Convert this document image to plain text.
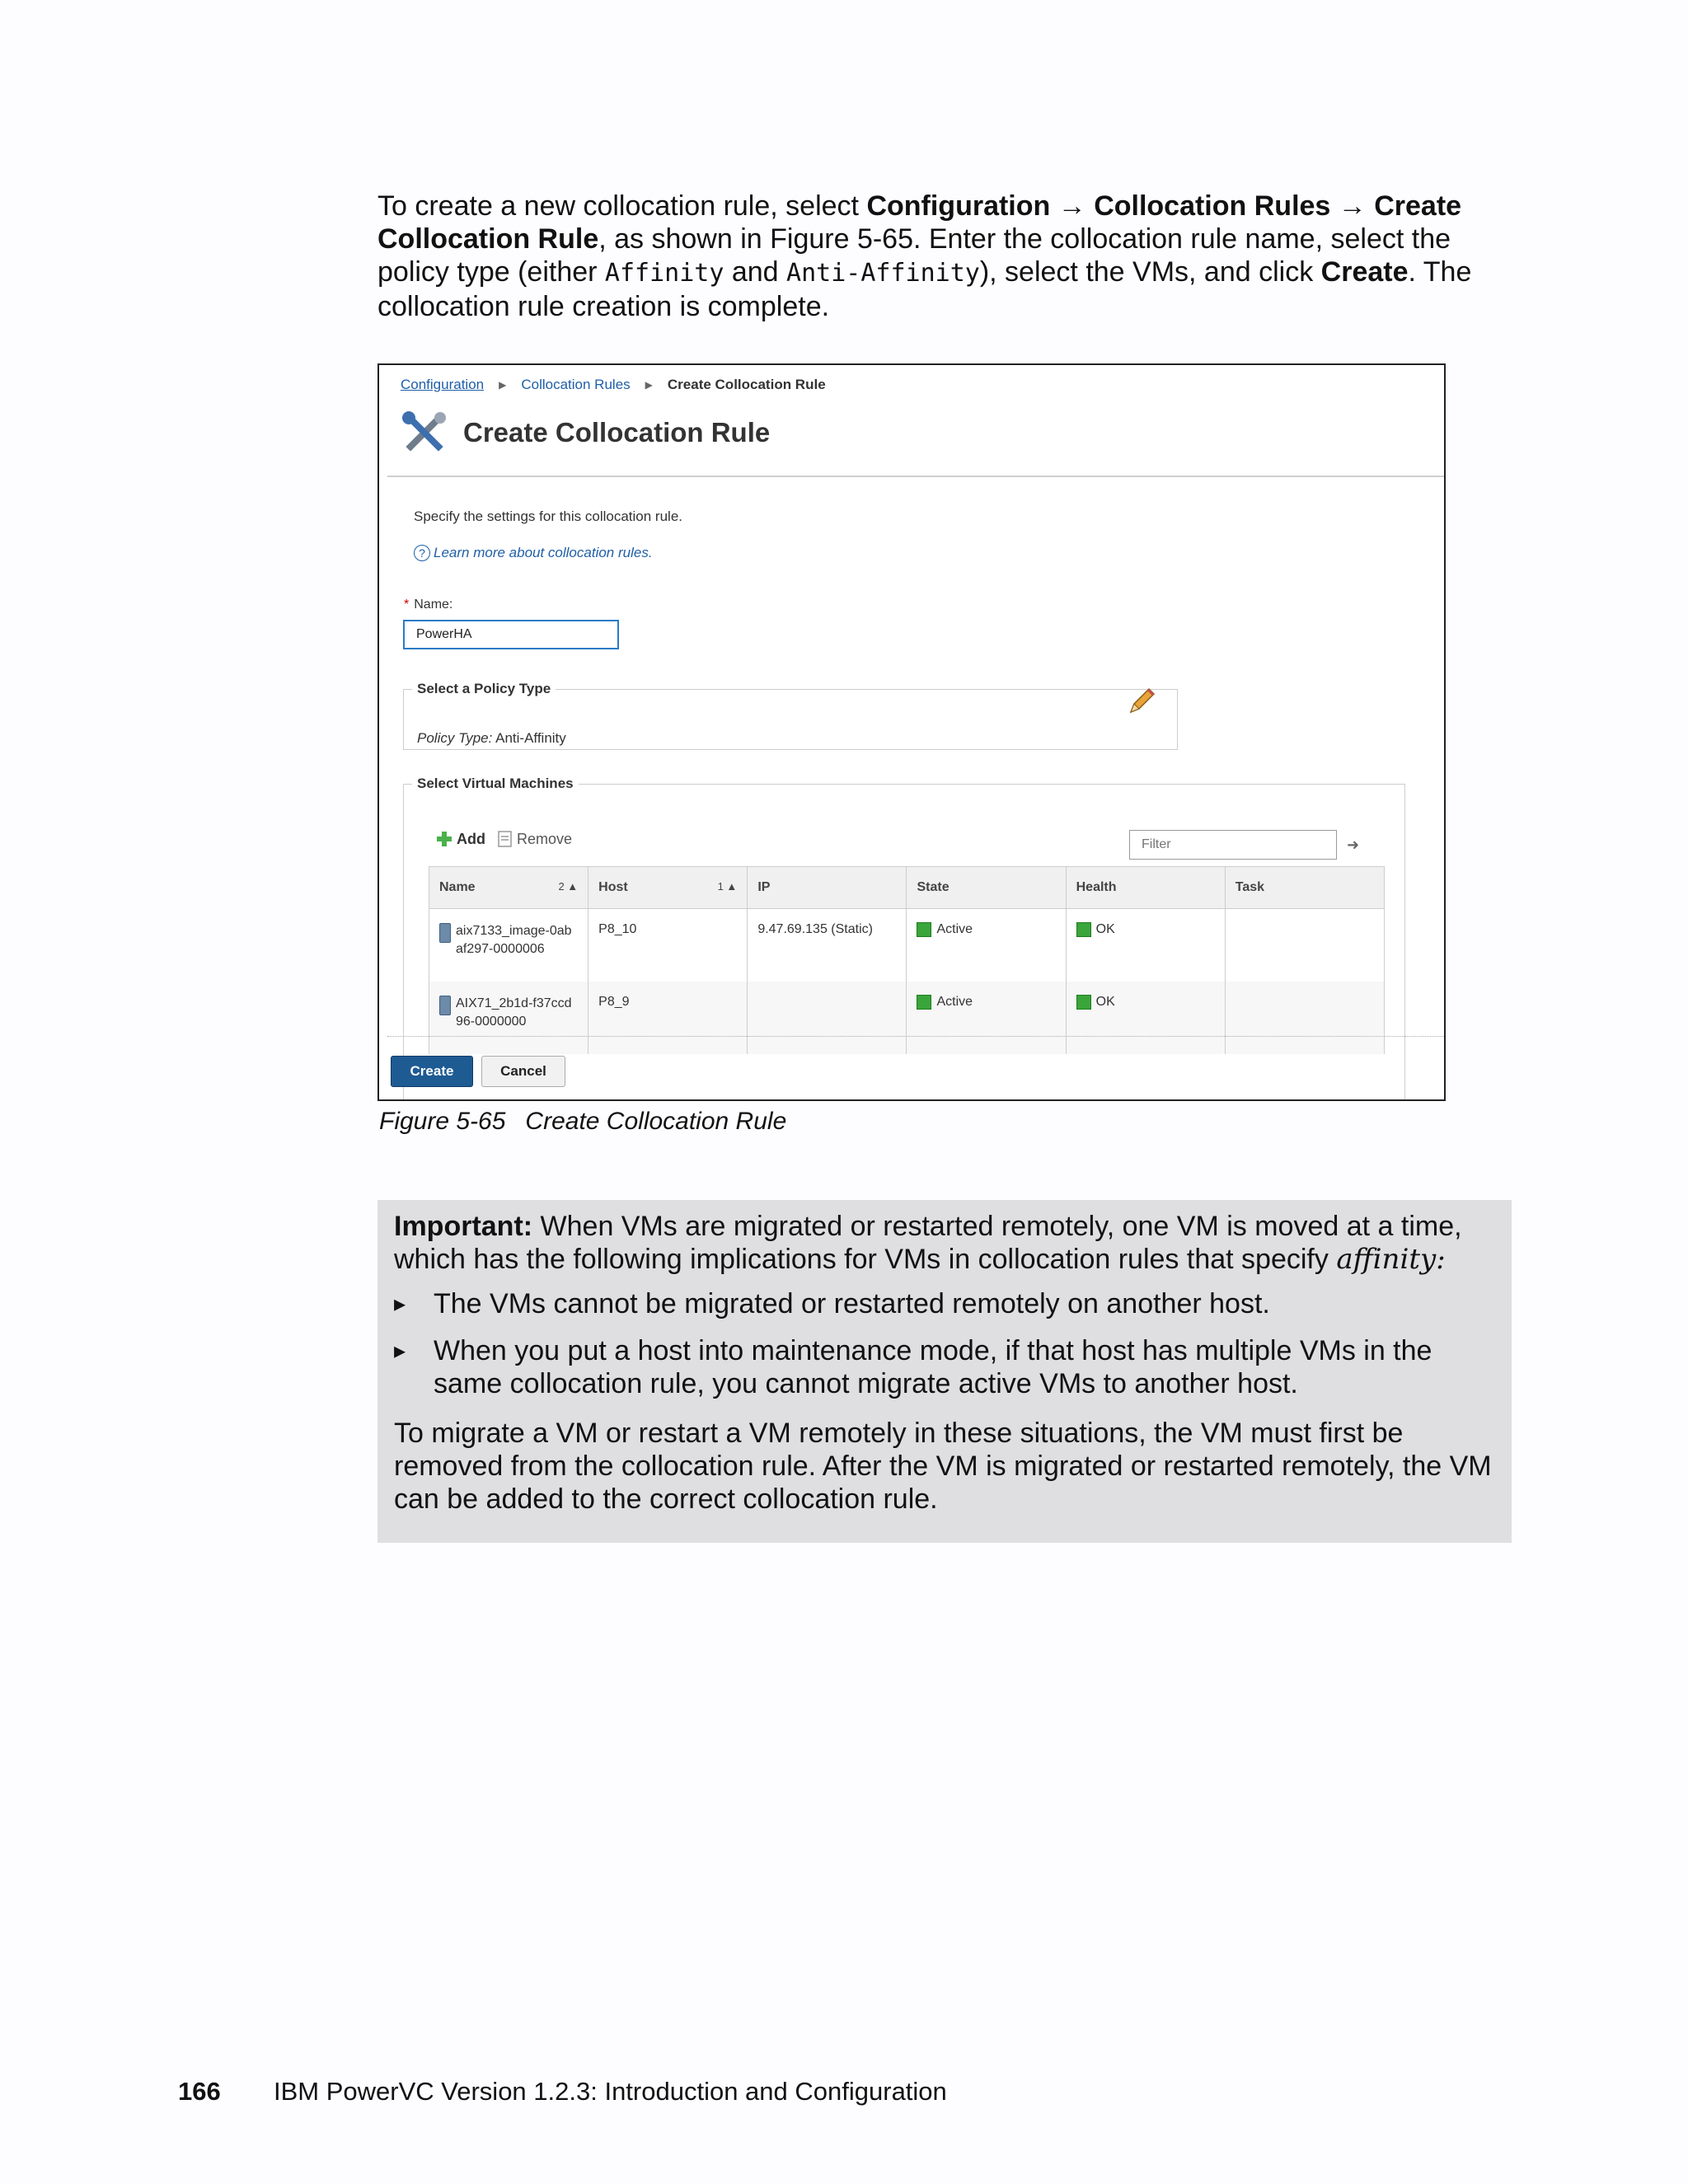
To create a new collocation rule, select Configuration → Collocation Rules → Create Collocation Rule, as shown in Figure 5-65. Enter the collocation rule name, select the policy type (either Affinity and Anti-Affinity), select the VMs, and click Create. The collocation rule creation is complete.
Configuration ▶ Collocation Rules ▶ Create Collocation Rule
Create Collocation Rule
Specify the settings for this collocation rule.
? Learn more about collocation rules.
* Name:
PowerHA
Select a Policy Type
Policy Type: Anti-Affinity
Select Virtual Machines
Add Remove
Filter	➜
Name 2 ▲	Host 1 ▲	IP	State	Health	Task

aix7133_image-0abaf297-0000006	P8_10	9.47.69.135 (Static)	Active	OK	

AIX71_2b1d-f37ccd96-0000000	P8_9		Active	OK	

Create	Cancel
Figure 5-65 Create Collocation Rule

Important: When VMs are migrated or restarted remotely, one VM is moved at a time, which has the following implications for VMs in collocation rules that specify affinity:

▸ The VMs cannot be migrated or restarted remotely on another host.
▸ When you put a host into maintenance mode, if that host has multiple VMs in the same collocation rule, you cannot migrate active VMs to another host.

To migrate a VM or restart a VM remotely in these situations, the VM must first be removed from the collocation rule. After the VM is migrated or restarted remotely, the VM can be added to the correct collocation rule.

166	IBM PowerVC Version 1.2.3: Introduction and Configuration
